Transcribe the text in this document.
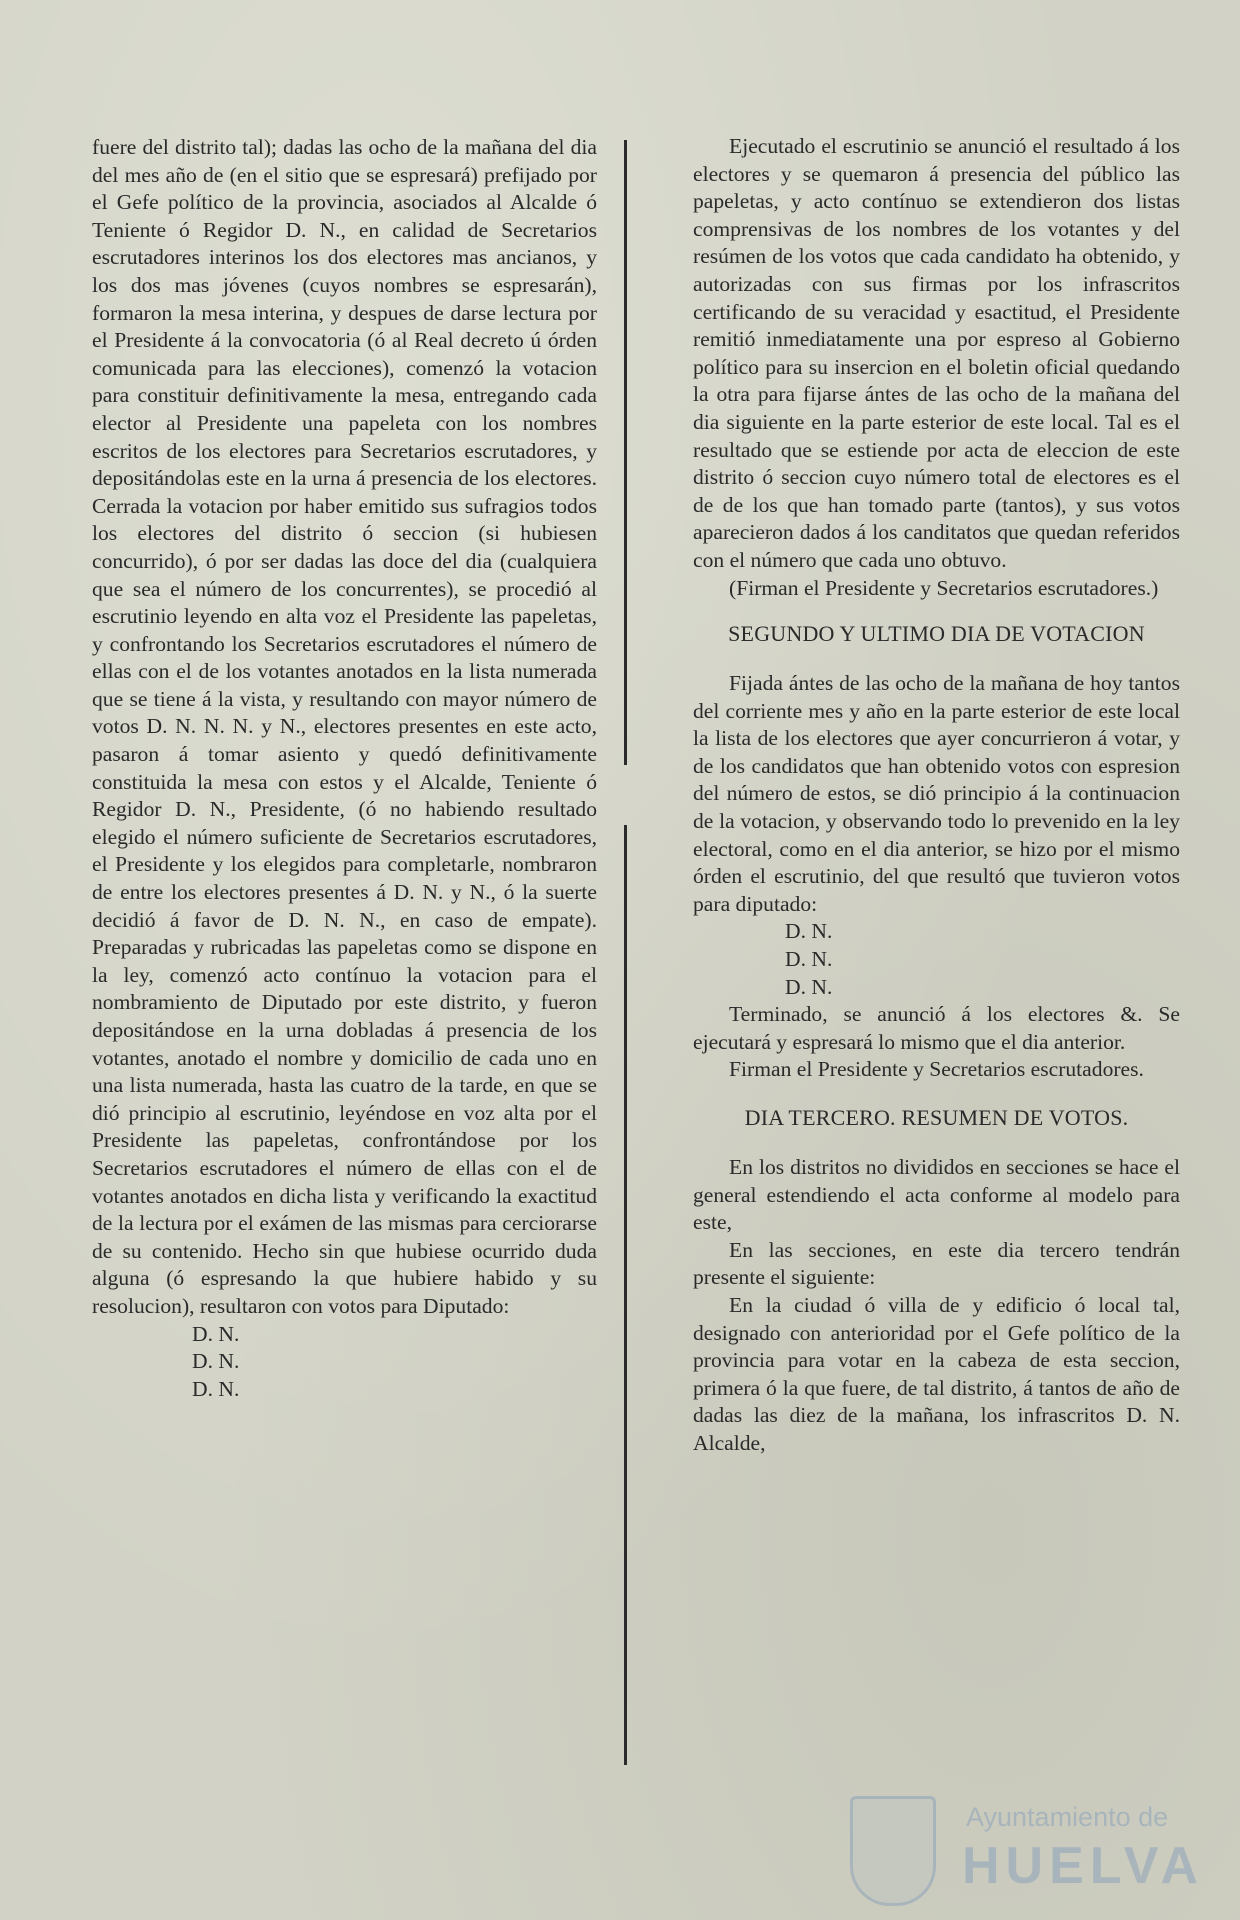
fuere del distrito tal); dadas las ocho de la mañana del dia del mes año de (en el sitio que se espresará) prefijado por el Gefe político de la provincia, asociados al Alcalde ó Teniente ó Regidor D. N., en calidad de Secretarios escrutadores interinos los dos electores mas ancianos, y los dos mas jóvenes (cuyos nombres se espresarán), formaron la mesa interina, y despues de darse lectura por el Presidente á la convocatoria (ó al Real decreto ú órden comunicada para las elecciones), comenzó la votacion para constituir definitivamente la mesa, entregando cada elector al Presidente una papeleta con los nombres escritos de los electores para Secretarios escrutadores, y depositándolas este en la urna á presencia de los electores. Cerrada la votacion por haber emitido sus sufragios todos los electores del distrito ó seccion (si hubiesen concurrido), ó por ser dadas las doce del dia (cualquiera que sea el número de los concurrentes), se procedió al escrutinio leyendo en alta voz el Presidente las papeletas, y confrontando los Secretarios escrutadores el número de ellas con el de los votantes anotados en la lista numerada que se tiene á la vista, y resultando con mayor número de votos D. N. N. N. y N., electores presentes en este acto, pasaron á tomar asiento y quedó definitivamente constituida la mesa con estos y el Alcalde, Teniente ó Regidor D. N., Presidente, (ó no habiendo resultado elegido el número suficiente de Secretarios escrutadores, el Presidente y los elegidos para completarle, nombraron de entre los electores presentes á D. N. y N., ó la suerte decidió á favor de D. N. N., en caso de empate). Preparadas y rubricadas las papeletas como se dispone en la ley, comenzó acto contínuo la votacion para el nombramiento de Diputado por este distrito, y fueron depositándose en la urna dobladas á presencia de los votantes, anotado el nombre y domicilio de cada uno en una lista numerada, hasta las cuatro de la tarde, en que se dió principio al escrutinio, leyéndose en voz alta por el Presidente las papeletas, confrontándose por los Secretarios escrutadores el número de ellas con el de votantes anotados en dicha lista y verificando la exactitud de la lectura por el exámen de las mismas para cerciorarse de su contenido. Hecho sin que hubiese ocurrido duda alguna (ó espresando la que hubiere habido y su resolucion), resultaron con votos para Diputado:

D. N.
D. N.
D. N.

Ejecutado el escrutinio se anunció el resultado á los electores y se quemaron á presencia del público las papeletas, y acto contínuo se extendieron dos listas comprensivas de los nombres de los votantes y del resúmen de los votos que cada candidato ha obtenido, y autorizadas con sus firmas por los infrascritos certificando de su veracidad y esactitud, el Presidente remitió inmediatamente una por espreso al Gobierno político para su insercion en el boletin oficial quedando la otra para fijarse ántes de las ocho de la mañana del dia siguiente en la parte esterior de este local. Tal es el resultado que se estiende por acta de eleccion de este distrito ó seccion cuyo número total de electores es el de de los que han tomado parte (tantos), y sus votos aparecieron dados á los canditatos que quedan referidos con el número que cada uno obtuvo.

(Firman el Presidente y Secretarios escrutadores.)

SEGUNDO Y ULTIMO DIA DE VOTACION

Fijada ántes de las ocho de la mañana de hoy tantos del corriente mes y año en la parte esterior de este local la lista de los electores que ayer concurrieron á votar, y de los candidatos que han obtenido votos con espresion del número de estos, se dió principio á la continuacion de la votacion, y observando todo lo prevenido en la ley electoral, como en el dia anterior, se hizo por el mismo órden el escrutinio, del que resultó que tuvieron votos para diputado:

D. N.
D. N.
D. N.

Terminado, se anunció á los electores &. Se ejecutará y espresará lo mismo que el dia anterior.

Firman el Presidente y Secretarios escrutadores.

DIA TERCERO. RESUMEN DE VOTOS.

En los distritos no divididos en secciones se hace el general estendiendo el acta conforme al modelo para este,

En las secciones, en este dia tercero tendrán presente el siguiente:

En la ciudad ó villa de y edificio ó local tal, designado con anterioridad por el Gefe político de la provincia para votar en la cabeza de esta seccion, primera ó la que fuere, de tal distrito, á tantos de año de dadas las diez de la mañana, los infrascritos D. N. Alcalde,

Ayuntamiento de
HUELVA
